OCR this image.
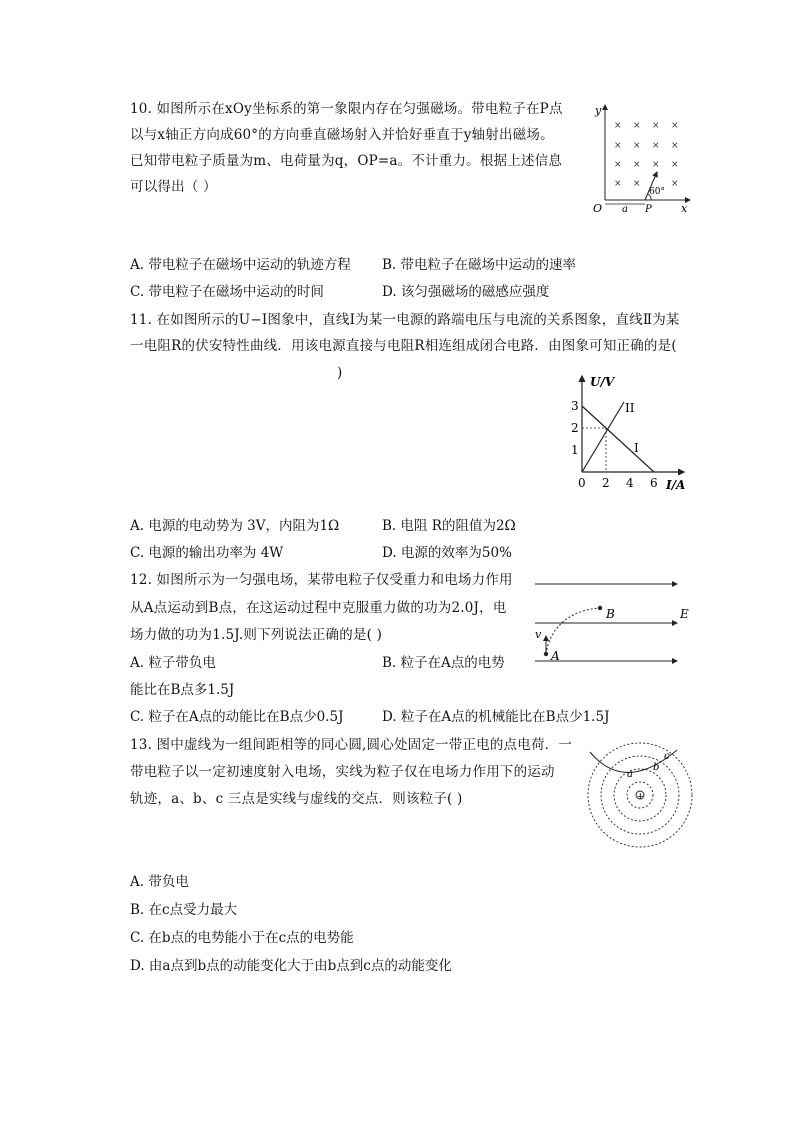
10. 如图所示在xOy坐标系的第一象限内存在匀强磁场。带电粒子在P点
以与x轴正方向成60°的方向垂直磁场射入并恰好垂直于y轴射出磁场。
已知带电粒子质量为m、电荷量为q，OP=a。不计重力。根据上述信息
可以得出（ ）
y
x
O
× × × ×
× × × ×
× × × ×
× ×	×
60°
a P
A. 带电粒子在磁场中运动的轨迹方程 B. 带电粒子在磁场中运动的速率
C. 带电粒子在磁场中运动的时间	D. 该匀强磁场的磁感应强度
11. 在如图所示的U−I图象中，直线Ⅰ为某一电源的路端电压与电流的关系图象，直线Ⅱ为某
一电阻R的伏安特性曲线．用该电源直接与电阻R相连组成闭合电路．由图象可知正确的是(
)
U/V
I/A
1
2
3
0 2 4 6
II
I
A. 电源的电动势为 3V，内阻为1Ω	B. 电阻 R的阻值为2Ω
C. 电源的输出功率为 4W	D. 电源的效率为50%
12. 如图所示为一匀强电场，某带电粒子仅受重力和电场力作用
从A点运动到B点，在这运动过程中克服重力做的功为2.0J，电
场力做的功为1.5J.则下列说法正确的是( )
E
A
B
v
A. 粒子带负电	B. 粒子在A点的电势
能比在B点多1.5J
C. 粒子在A点的动能比在B点少0.5J	D. 粒子在A点的机械能比在B点少1.5J
13. 图中虚线为一组间距相等的同心圆,圆心处固定一带正电的点电荷．一
带电粒子以一定初速度射入电场，实线为粒子仅在电场力作用下的运动
轨迹，a、b、c 三点是实线与虚线的交点．则该粒子( )	+
a
b
c
A. 带负电
B. 在c点受力最大
C. 在b点的电势能小于在c点的电势能
D. 由a点到b点的动能变化大于由b点到c点的动能变化
